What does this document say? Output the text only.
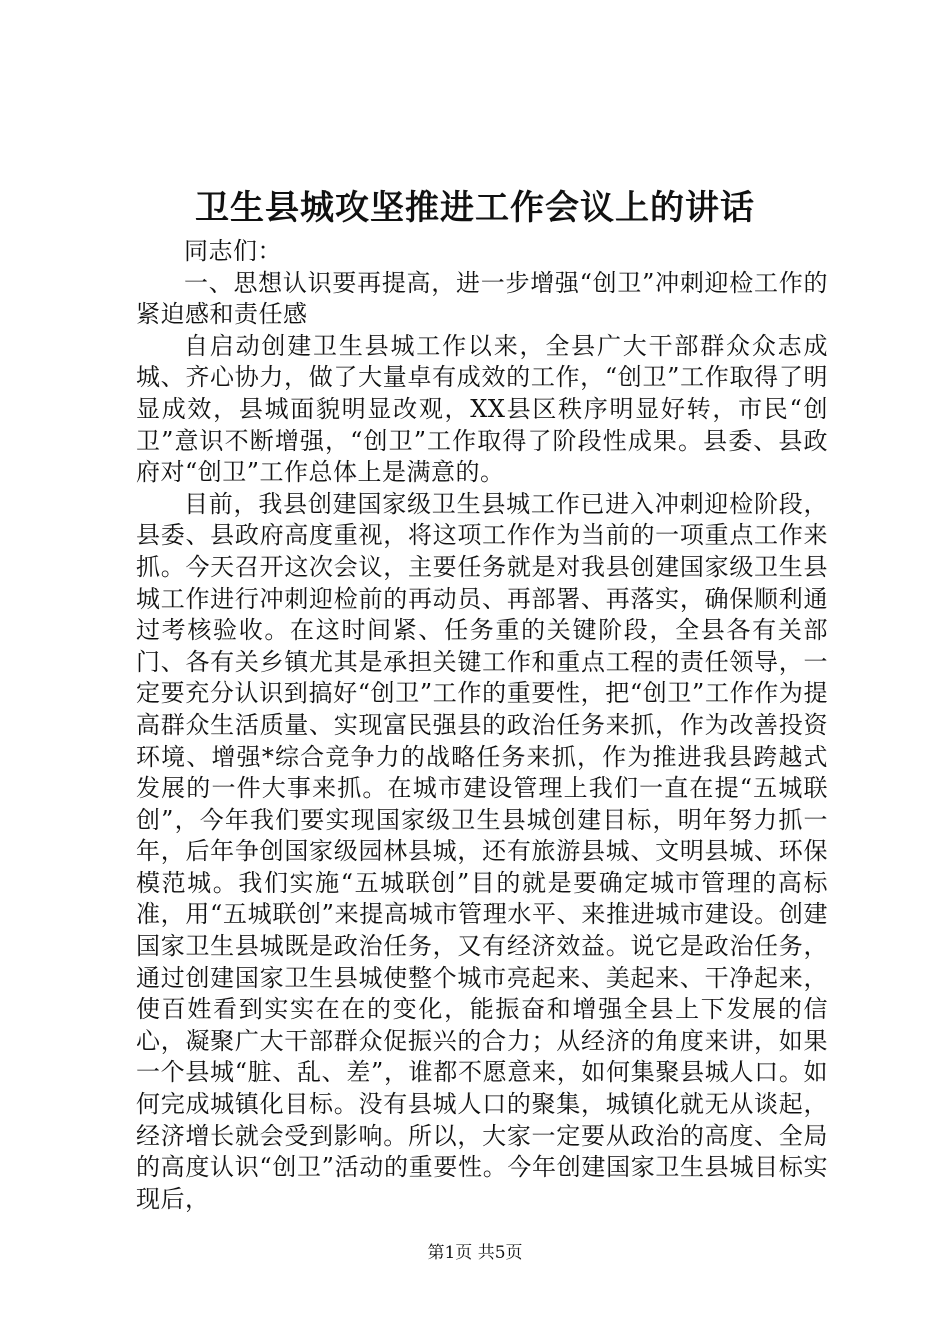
卫生县城攻坚推进工作会议上的讲话

同志们：

一、思想认识要再提高，进一步增强“创卫”冲刺迎检工作的紧迫感和责任感

自启动创建卫生县城工作以来，全县广大干部群众众志成城、齐心协力，做了大量卓有成效的工作，“创卫”工作取得了明显成效，县城面貌明显改观，XX县区秩序明显好转，市民“创卫”意识不断增强，“创卫”工作取得了阶段性成果。县委、县政府对“创卫”工作总体上是满意的。

目前，我县创建国家级卫生县城工作已进入冲刺迎检阶段，县委、县政府高度重视，将这项工作作为当前的一项重点工作来抓。今天召开这次会议，主要任务就是对我县创建国家级卫生县城工作进行冲刺迎检前的再动员、再部署、再落实，确保顺利通过考核验收。在这时间紧、任务重的关键阶段，全县各有关部门、各有关乡镇尤其是承担关键工作和重点工程的责任领导，一定要充分认识到搞好“创卫”工作的重要性，把“创卫”工作作为提高群众生活质量、实现富民强县的政治任务来抓，作为改善投资环境、增强*综合竞争力的战略任务来抓，作为推进我县跨越式发展的一件大事来抓。在城市建设管理上我们一直在提“五城联创”，今年我们要实现国家级卫生县城创建目标，明年努力抓一年，后年争创国家级园林县城，还有旅游县城、文明县城、环保模范城。我们实施“五城联创”目的就是要确定城市管理的高标准，用“五城联创”来提高城市管理水平、来推进城市建设。创建国家卫生县城既是政治任务，又有经济效益。说它是政治任务，通过创建国家卫生县城使整个城市亮起来、美起来、干净起来，使百姓看到实实在在的变化，能振奋和增强全县上下发展的信心，凝聚广大干部群众促振兴的合力；从经济的角度来讲，如果一个县城“脏、乱、差”，谁都不愿意来，如何集聚县城人口。如何完成城镇化目标。没有县城人口的聚集，城镇化就无从谈起，经济增长就会受到影响。所以，大家一定要从政治的高度、全局的高度认识“创卫”活动的重要性。今年创建国家卫生县城目标实现后，

第1页 共5页
